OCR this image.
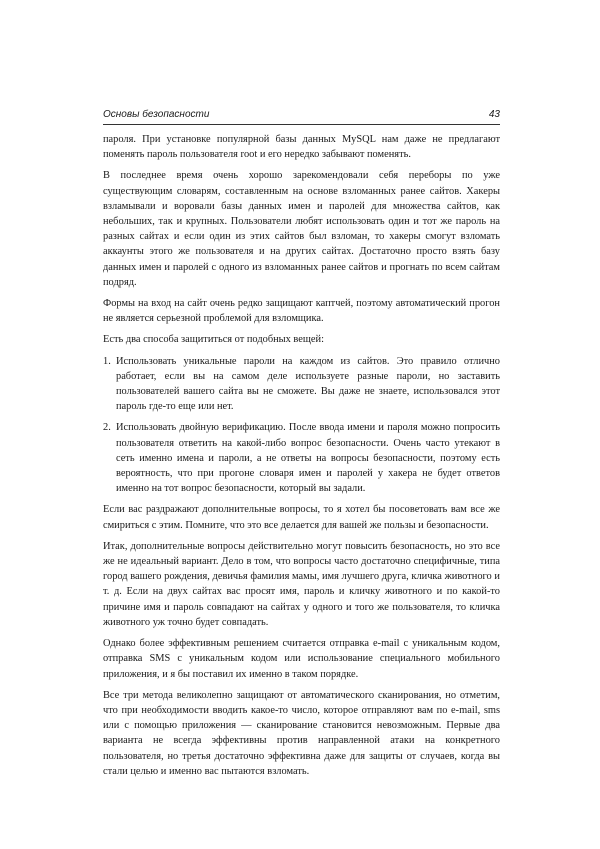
Основы безопасности	43

пароля. При установке популярной базы данных MySQL нам даже не предлагают поменять пароль пользователя root и его нередко забывают поменять.

В последнее время очень хорошо зарекомендовали себя переборы по уже существующим словарям, составленным на основе взломанных ранее сайтов. Хакеры взламывали и воровали базы данных имен и паролей для множества сайтов, как небольших, так и крупных. Пользователи любят использовать один и тот же пароль на разных сайтах и если один из этих сайтов был взломан, то хакеры смогут взломать аккаунты этого же пользователя и на других сайтах. Достаточно просто взять базу данных имен и паролей с одного из взломанных ранее сайтов и прогнать по всем сайтам подряд.

Формы на вход на сайт очень редко защищают каптчей, поэтому автоматический прогон не является серьезной проблемой для взломщика.

Есть два способа защититься от подобных вещей:

1. Использовать уникальные пароли на каждом из сайтов. Это правило отлично работает, если вы на самом деле используете разные пароли, но заставить пользователей вашего сайта вы не сможете. Вы даже не знаете, использовался этот пароль где-то еще или нет.
2. Использовать двойную верификацию. После ввода имени и пароля можно попросить пользователя ответить на какой-либо вопрос безопасности. Очень часто утекают в сеть именно имена и пароли, а не ответы на вопросы безопасности, поэтому есть вероятность, что при прогоне словаря имен и паролей у хакера не будет ответов именно на тот вопрос безопасности, который вы задали.

Если вас раздражают дополнительные вопросы, то я хотел бы посоветовать вам все же смириться с этим. Помните, что это все делается для вашей же пользы и безопасности.

Итак, дополнительные вопросы действительно могут повысить безопасность, но это все же не идеальный вариант. Дело в том, что вопросы часто достаточно специфичные, типа город вашего рождения, девичья фамилия мамы, имя лучшего друга, кличка животного и т. д. Если на двух сайтах вас просят имя, пароль и кличку животного и по какой-то причине имя и пароль совпадают на сайтах у одного и того же пользователя, то кличка животного уж точно будет совпадать.

Однако более эффективным решением считается отправка e-mail с уникальным кодом, отправка SMS с уникальным кодом или использование специального мобильного приложения, и я бы поставил их именно в таком порядке.

Все три метода великолепно защищают от автоматического сканирования, но отметим, что при необходимости вводить какое-то число, которое отправляют вам по e-mail, sms или с помощью приложения — сканирование становится невозможным. Первые два варианта не всегда эффективны против направленной атаки на конкретного пользователя, но третья достаточно эффективна даже для защиты от случаев, когда вы стали целью и именно вас пытаются взломать.
